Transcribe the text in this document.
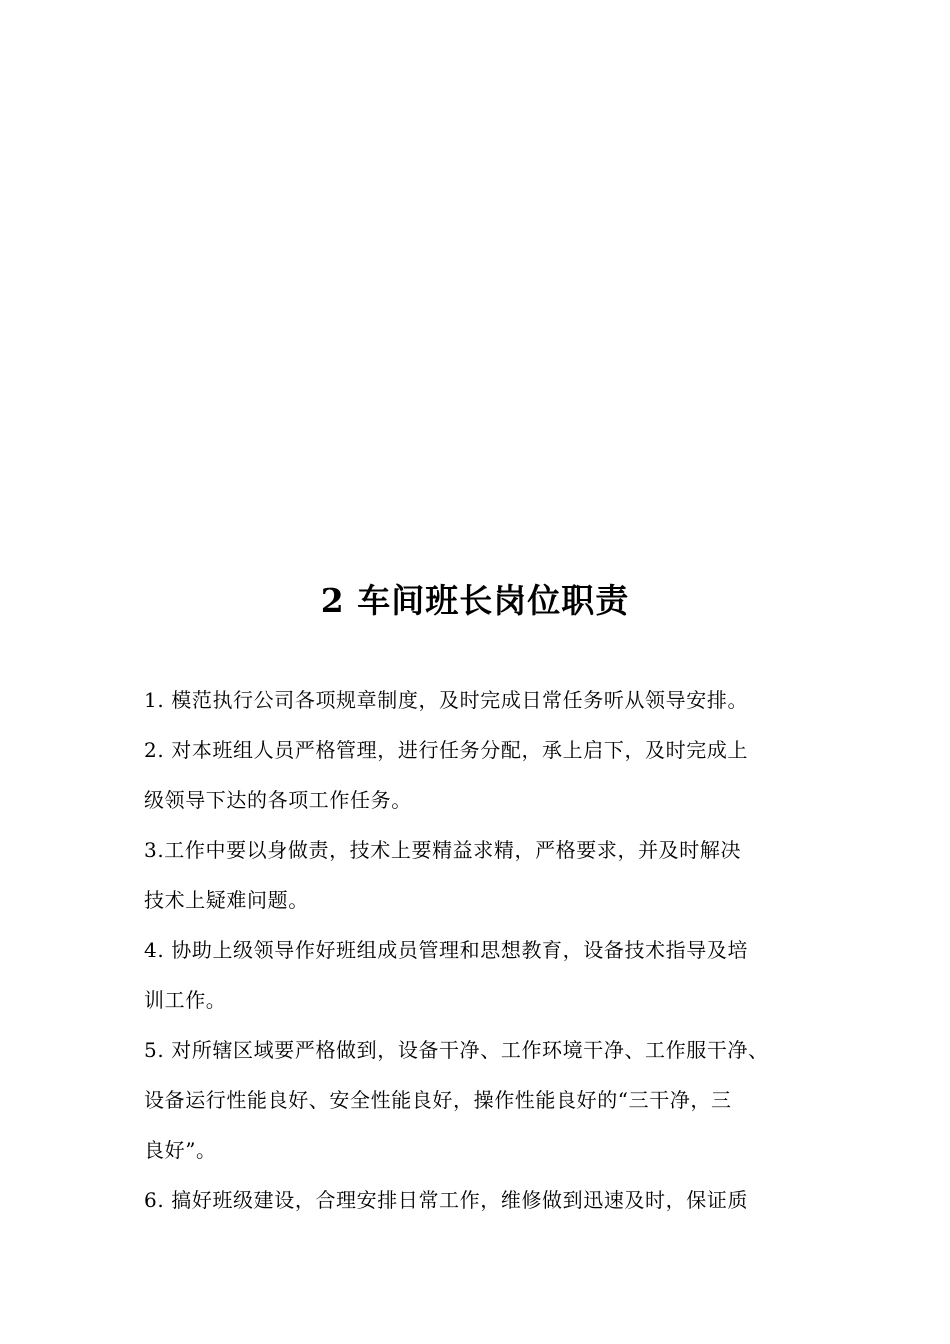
2 车间班长岗位职责
1. 模范执行公司各项规章制度，及时完成日常任务听从领导安排。
2. 对本班组人员严格管理，进行任务分配，承上启下，及时完成上
级领导下达的各项工作任务。
3.工作中要以身做责，技术上要精益求精，严格要求，并及时解决
技术上疑难问题。
4. 协助上级领导作好班组成员管理和思想教育，设备技术指导及培
训工作。
5. 对所辖区域要严格做到，设备干净、工作环境干净、工作服干净、
设备运行性能良好、安全性能良好，操作性能良好的“三干净，三
良好”。
6. 搞好班级建设，合理安排日常工作，维修做到迅速及时，保证质
